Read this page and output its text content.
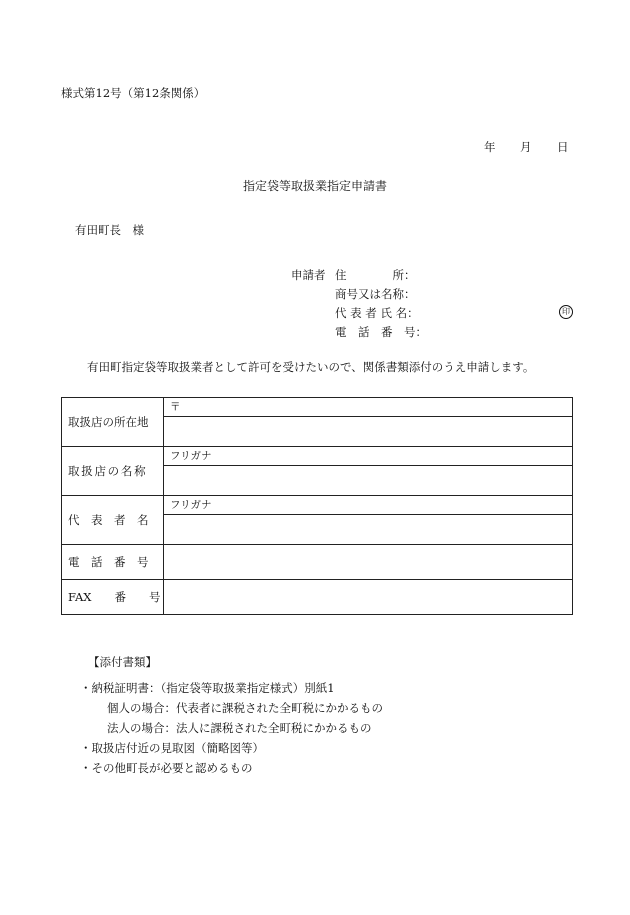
様式第12号（第12条関係）
年 月 日
指定袋等取扱業指定申請書
有田町長　様
申請者 住　　　　所：
商号又は名称：
代 表 者 氏 名：	印
電　話　番　号：
有田町指定袋等取扱業者として許可を受けたいので、関係書類添付のうえ申請します。
取扱店の所在地	〒

取扱店の名称	フリガナ

代　表　者　名	フリガナ

電　話　番　号	
FAX　　番　　号	
【添付書類】
・納税証明書：（指定袋等取扱業指定様式）別紙1
個人の場合：代表者に課税された全町税にかかるもの
法人の場合：法人に課税された全町税にかかるもの
・取扱店付近の見取図（簡略図等）
・その他町長が必要と認めるもの
